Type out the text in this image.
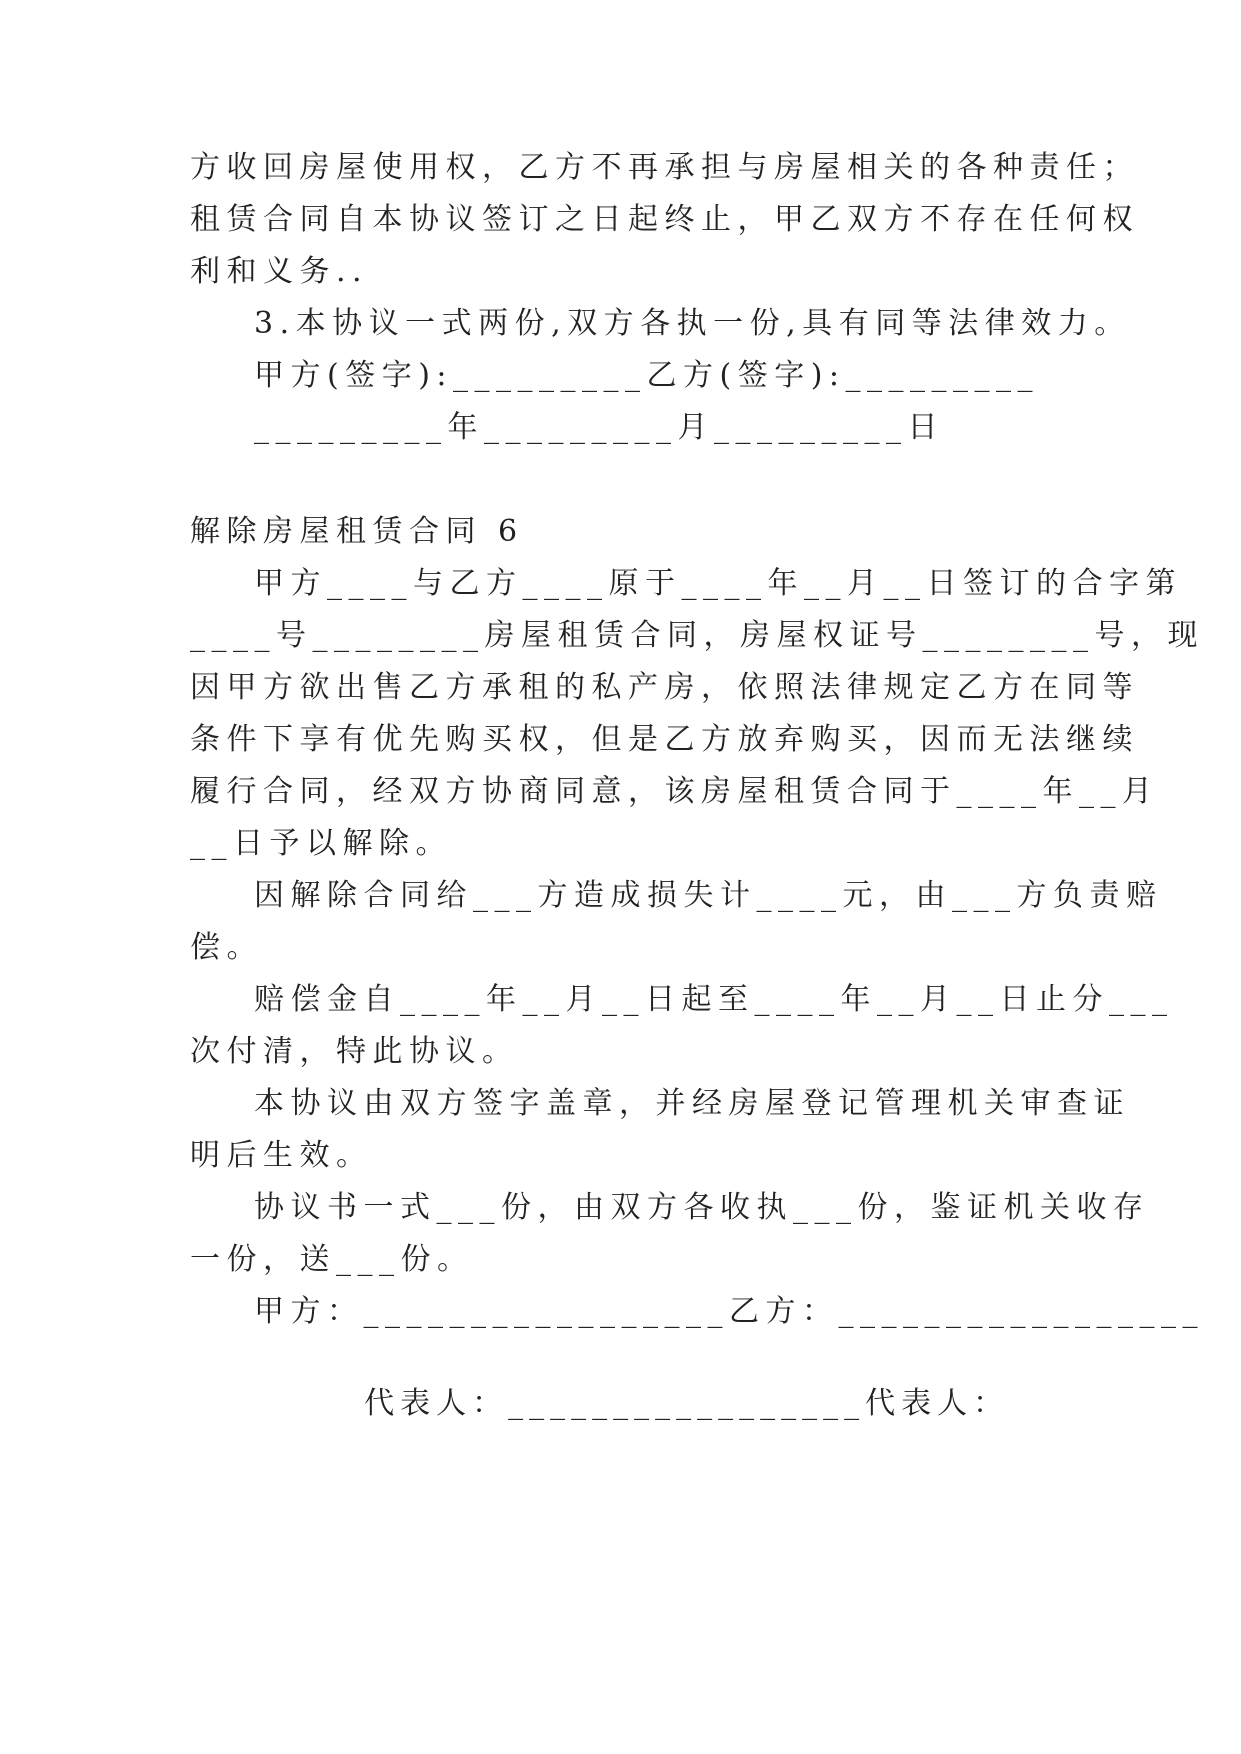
方收回房屋使用权，乙方不再承担与房屋相关的各种责任；
租赁合同自本协议签订之日起终止，甲乙双方不存在任何权
利和义务..
3.本协议一式两份,双方各执一份,具有同等法律效力。
甲方(签字):_________乙方(签字):_________
_________年_________月_________日
解除房屋租赁合同 6
甲方____与乙方____原于____年__月__日签订的合字第
____号________房屋租赁合同，房屋权证号________号，现
因甲方欲出售乙方承租的私产房，依照法律规定乙方在同等
条件下享有优先购买权，但是乙方放弃购买，因而无法继续
履行合同，经双方协商同意，该房屋租赁合同于____年__月
__日予以解除。
因解除合同给___方造成损失计____元，由___方负责赔
偿。
赔偿金自____年__月__日起至____年__月__日止分___
次付清，特此协议。
本协议由双方签字盖章，并经房屋登记管理机关审查证
明后生效。
协议书一式___份，由双方各收执___份，鉴证机关收存
一份，送___份。
甲方：_________________乙方：_________________

代表人：_________________代表人：
